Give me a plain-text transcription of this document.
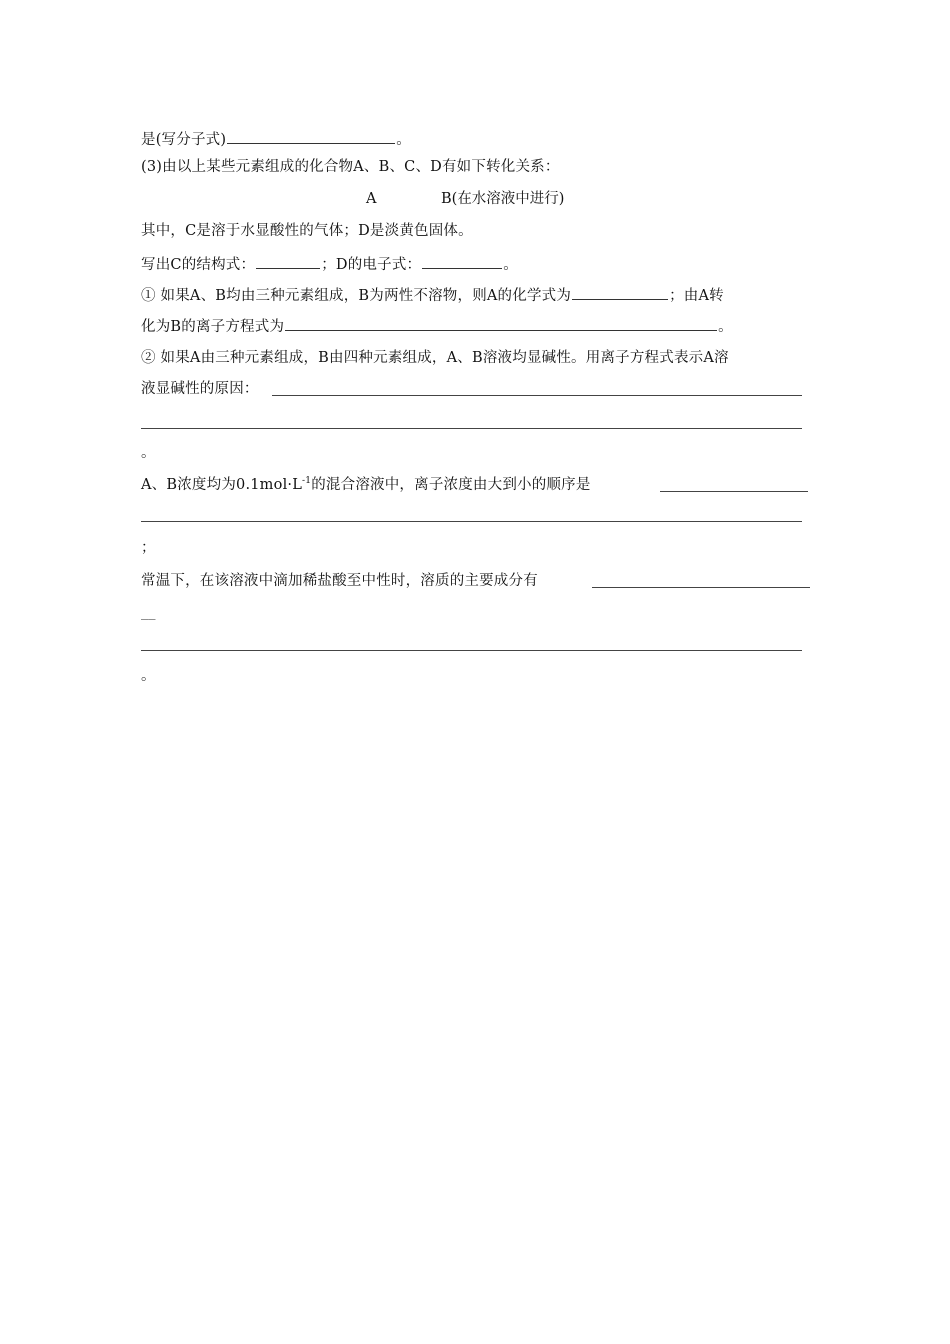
是(写分子式)	。
(3)由以上某些元素组成的化合物A、B、C、D有如下转化关系：
A	B(在水溶液中进行)
其中，C是溶于水显酸性的气体；D是淡黄色固体。
写出C的结构式：	；D的电子式：	。
① 如果A、B均由三种元素组成，B为两性不溶物，则A的化学式为	；由A转
化为B的离子方程式为	。
② 如果A由三种元素组成，B由四种元素组成，A、B溶液均显碱性。用离子方程式表示A溶
液显碱性的原因：
。
A、B浓度均为$0.1mol\cdot L^{-1}$的混合溶液中，离子浓度由大到小的顺序是
；
常温下，在该溶液中滴加稀盐酸至中性时，溶质的主要成分有
__
。
